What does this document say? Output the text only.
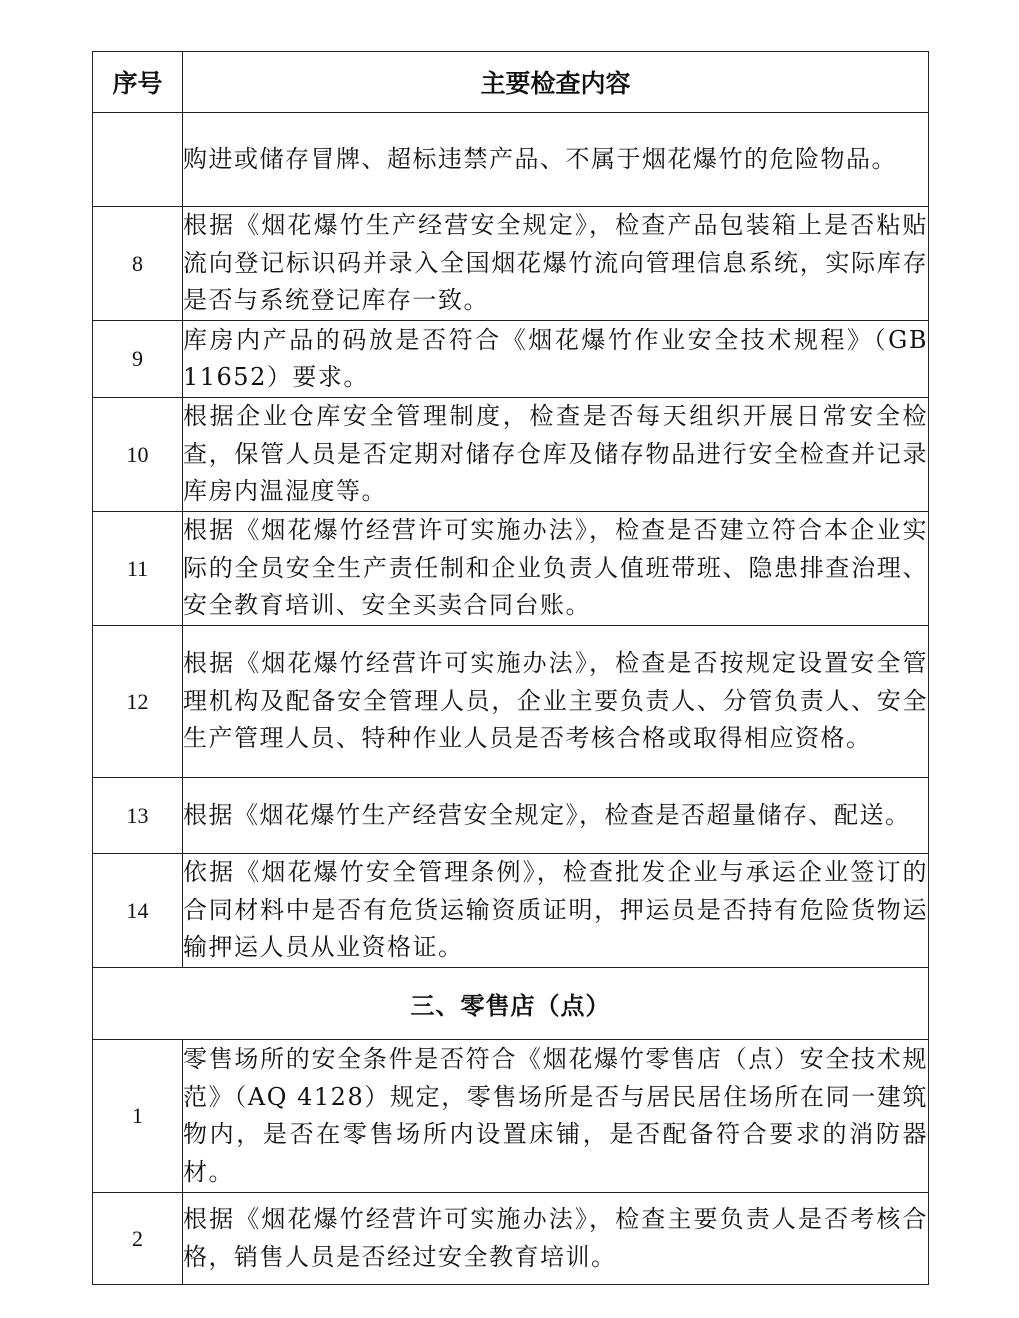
序号	主要检查内容
	购进或储存冒牌、超标违禁产品、不属于烟花爆竹的危险物品。
8	根据《烟花爆竹生产经营安全规定》，检查产品包装箱上是否粘贴流向登记标识码并录入全国烟花爆竹流向管理信息系统，实际库存是否与系统登记库存一致。
9	库房内产品的码放是否符合《烟花爆竹作业安全技术规程》（GB 11652）要求。
10	根据企业仓库安全管理制度，检查是否每天组织开展日常安全检查，保管人员是否定期对储存仓库及储存物品进行安全检查并记录库房内温湿度等。
11	根据《烟花爆竹经营许可实施办法》，检查是否建立符合本企业实际的全员安全生产责任制和企业负责人值班带班、隐患排查治理、安全教育培训、安全买卖合同台账。
12	根据《烟花爆竹经营许可实施办法》，检查是否按规定设置安全管理机构及配备安全管理人员，企业主要负责人、分管负责人、安全生产管理人员、特种作业人员是否考核合格或取得相应资格。
13	根据《烟花爆竹生产经营安全规定》，检查是否超量储存、配送。
14	依据《烟花爆竹安全管理条例》，检查批发企业与承运企业签订的合同材料中是否有危货运输资质证明，押运员是否持有危险货物运输押运人员从业资格证。
三、零售店（点）	
1	零售场所的安全条件是否符合《烟花爆竹零售店（点）安全技术规范》（AQ 4128）规定，零售场所是否与居民居住场所在同一建筑物内，是否在零售场所内设置床铺，是否配备符合要求的消防器材。
2	根据《烟花爆竹经营许可实施办法》，检查主要负责人是否考核合格，销售人员是否经过安全教育培训。
